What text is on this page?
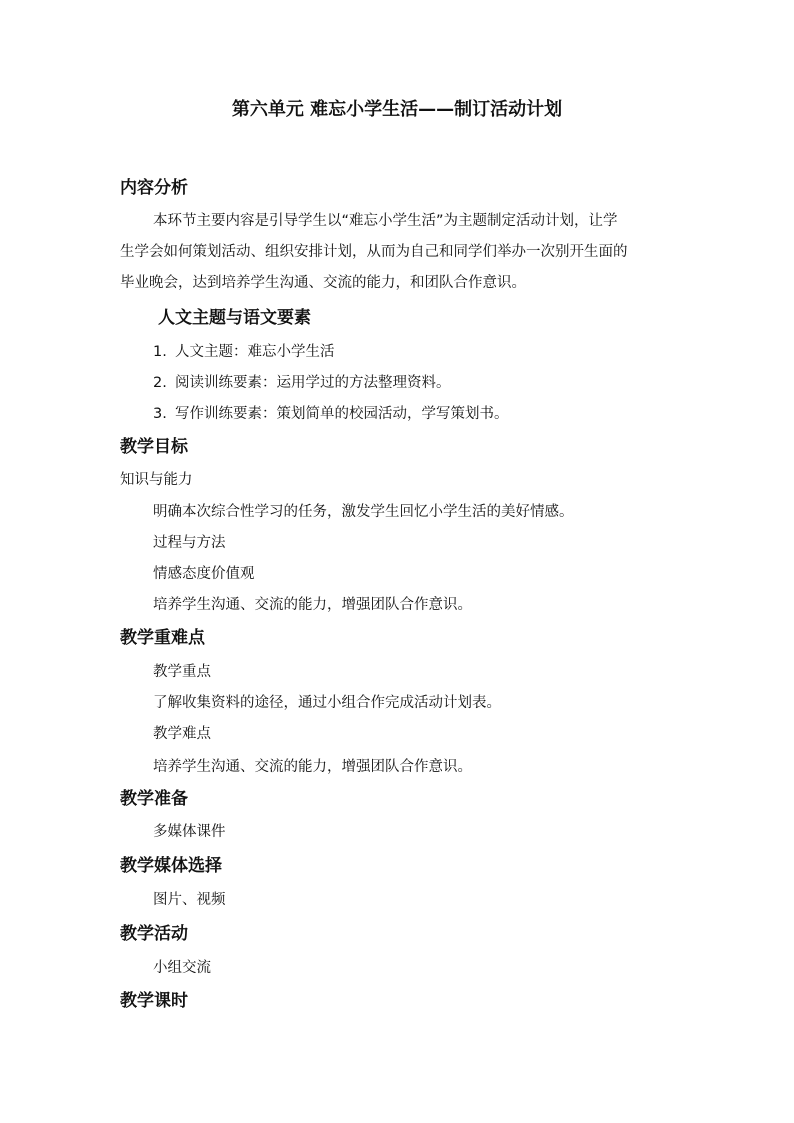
第六单元 难忘小学生活——制订活动计划
内容分析
本环节主要内容是引导学生以“难忘小学生活”为主题制定活动计划，让学
生学会如何策划活动、组织安排计划，从而为自己和同学们举办一次别开生面的
毕业晚会，达到培养学生沟通、交流的能力，和团队合作意识。
人文主题与语文要素
1. 人文主题：难忘小学生活
2. 阅读训练要素：运用学过的方法整理资料。
3. 写作训练要素：策划简单的校园活动，学写策划书。
教学目标
知识与能力
明确本次综合性学习的任务，激发学生回忆小学生活的美好情感。
过程与方法
情感态度价值观
培养学生沟通、交流的能力，增强团队合作意识。
教学重难点
教学重点
了解收集资料的途径，通过小组合作完成活动计划表。
教学难点
培养学生沟通、交流的能力，增强团队合作意识。
教学准备
多媒体课件
教学媒体选择
图片、视频
教学活动
小组交流
教学课时
